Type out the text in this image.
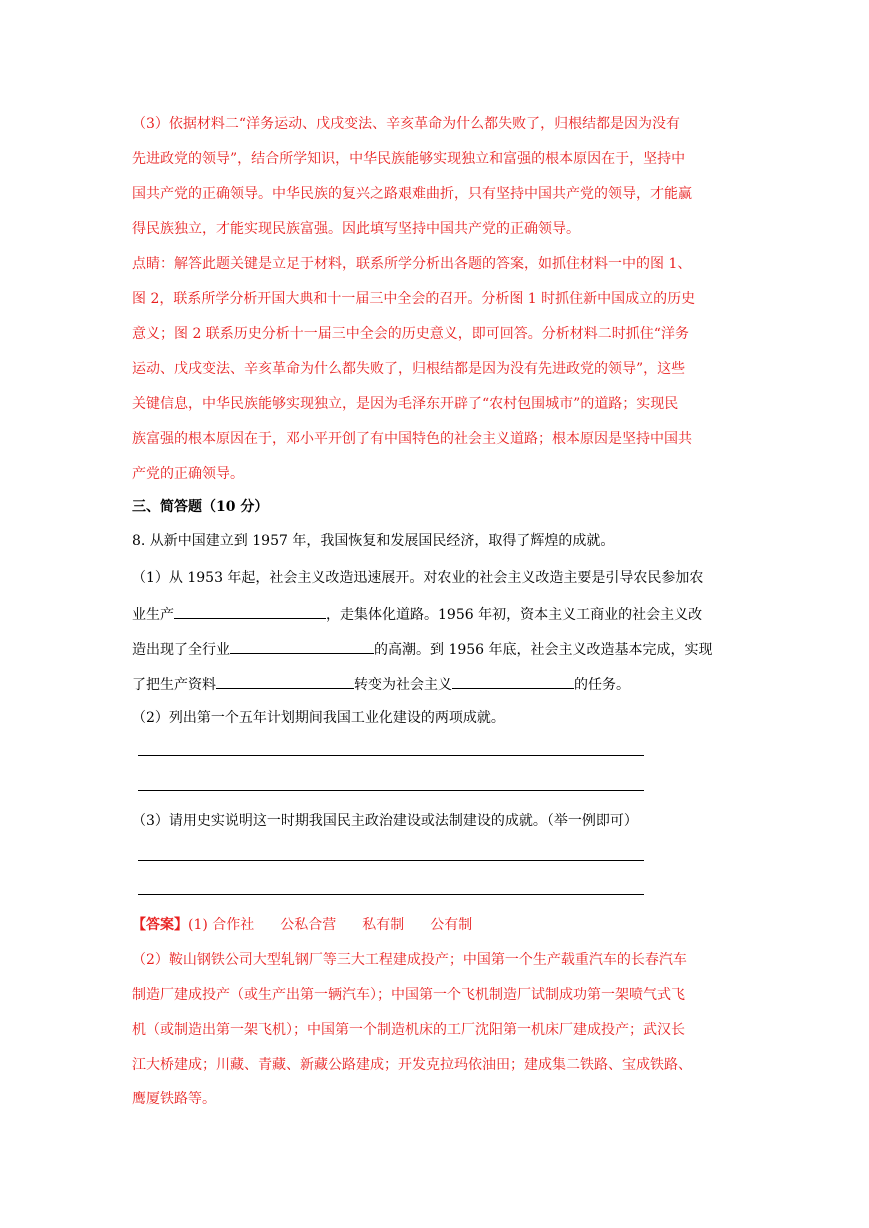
（3）依据材料二“洋务运动、戊戌变法、辛亥革命为什么都失败了，归根结都是因为没有
先进政党的领导”，结合所学知识，中华民族能够实现独立和富强的根本原因在于，坚持中
国共产党的正确领导。中华民族的复兴之路艰难曲折，只有坚持中国共产党的领导，才能赢
得民族独立，才能实现民族富强。因此填写坚持中国共产党的正确领导。
点睛：解答此题关键是立足于材料，联系所学分析出各题的答案，如抓住材料一中的图 1、
图 2，联系所学分析开国大典和十一届三中全会的召开。分析图 1 时抓住新中国成立的历史
意义；图 2 联系历史分析十一届三中全会的历史意义，即可回答。分析材料二时抓住“洋务
运动、戊戌变法、辛亥革命为什么都失败了，归根结都是因为没有先进政党的领导”，这些
关键信息，中华民族能够实现独立，是因为毛泽东开辟了“农村包围城市”的道路；实现民
族富强的根本原因在于，邓小平开创了有中国特色的社会主义道路；根本原因是坚持中国共
产党的正确领导。
三、简答题（10 分）
8. 从新中国建立到 1957 年，我国恢复和发展国民经济，取得了辉煌的成就。
（1）从 1953 年起，社会主义改造迅速展开。对农业的社会主义改造主要是引导农民参加农
业生产	，走集体化道路。1956 年初，资本主义工商业的社会主义改
造出现了全行业	的高潮。到 1956 年底，社会主义改造基本完成，实现
了把生产资料	转变为社会主义	的任务。
（2）列出第一个五年计划期间我国工业化建设的两项成就。
（3）请用史实说明这一时期我国民主政治建设或法制建设的成就。（举一例即可）
【答案】(1) 合作社 公私合营 私有制 公有制
（2）鞍山钢铁公司大型轧钢厂等三大工程建成投产；中国第一个生产载重汽车的长春汽车
制造厂建成投产（或生产出第一辆汽车）；中国第一个飞机制造厂试制成功第一架喷气式飞
机（或制造出第一架飞机）；中国第一个制造机床的工厂沈阳第一机床厂建成投产；武汉长
江大桥建成；川藏、青藏、新藏公路建成；开发克拉玛依油田；建成集二铁路、宝成铁路、
鹰厦铁路等。
